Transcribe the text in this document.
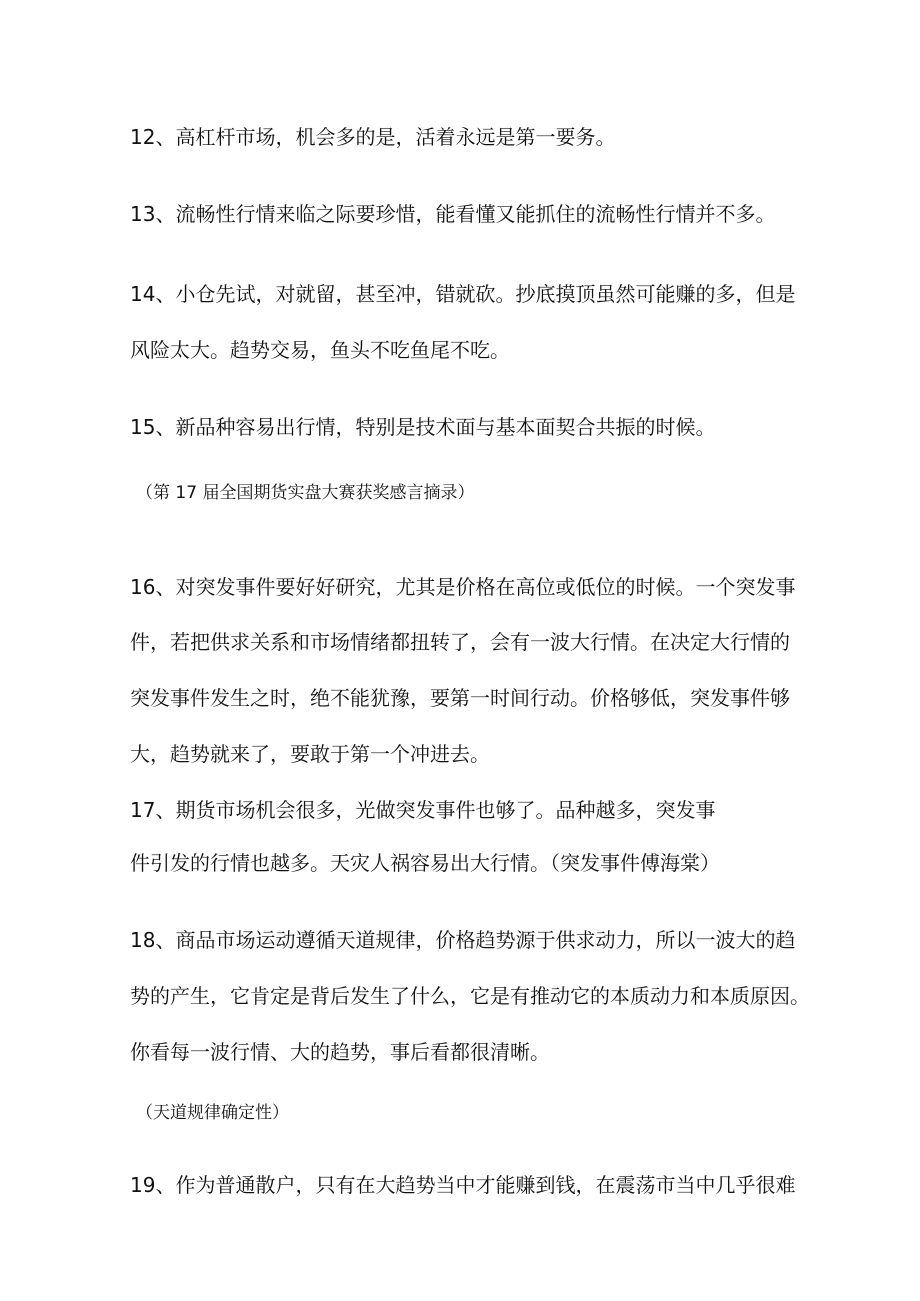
12、高杠杆市场，机会多的是，活着永远是第一要务。

13、流畅性行情来临之际要珍惜，能看懂又能抓住的流畅性行情并不多。

14、小仓先试，对就留，甚至冲，错就砍。抄底摸顶虽然可能赚的多，但是

风险太大。趋势交易，鱼头不吃鱼尾不吃。

15、新品种容易出行情，特别是技术面与基本面契合共振的时候。

（第 17 届全国期货实盘大赛获奖感言摘录）

16、对突发事件要好好研究，尤其是价格在高位或低位的时候。一个突发事

件，若把供求关系和市场情绪都扭转了，会有一波大行情。在决定大行情的

突发事件发生之时，绝不能犹豫，要第一时间行动。价格够低，突发事件够

大，趋势就来了，要敢于第一个冲进去。

17、期货市场机会很多，光做突发事件也够了。品种越多，突发事

件引发的行情也越多。天灾人祸容易出大行情。（突发事件傅海棠）

18、商品市场运动遵循天道规律，价格趋势源于供求动力，所以一波大的趋

势的产生，它肯定是背后发生了什么，它是有推动它的本质动力和本质原因。

你看每一波行情、大的趋势，事后看都很清晰。

（天道规律确定性）

19、作为普通散户，只有在大趋势当中才能赚到钱，在震荡市当中几乎很难
